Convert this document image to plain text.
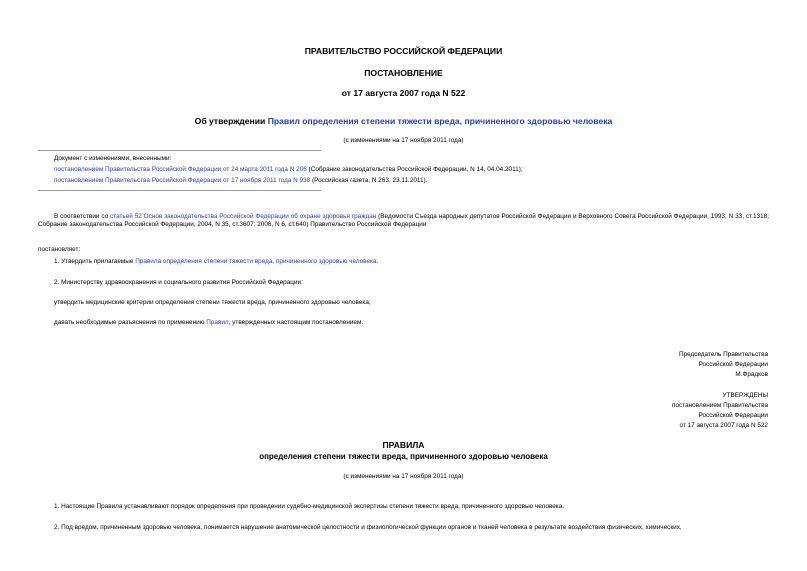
ПРАВИТЕЛЬСТВО РОССИЙСКОЙ ФЕДЕРАЦИИ
ПОСТАНОВЛЕНИЕ
от 17 августа 2007 года N 522
Об утверждении Правил определения степени тяжести вреда, причиненного здоровью человека
(с изменениями на 17 ноября 2011 года)
Документ с изменениями, внесенными:
постановлением Правительства Российской Федерации от 24 марта 2011 года N 206 (Собрание законодательства Российской Федерации, N 14, 04.04.2011);
постановлением Правительства Российской Федерации от 17 ноября 2011 года N 938 (Российская газета, N 263, 23.11.2011).
В соответствии со статьей 52 Основ законодательства Российской Федерации об охране здоровья граждан (Ведомости Съезда народных депутатов Российской Федерации и Верховного Совета Российской Федерации, 1993, N 33, ст.1318; Собрание законодательства Российской Федерации, 2004, N 35, ст.3607; 2006, N 6, ст.640) Правительство Российской Федерации
постановляет:
1. Утвердить прилагаемые Правила определения степени тяжести вреда, причиненного здоровью человека.
2. Министерству здравоохранения и социального развития Российской Федерации:
утвердить медицинские критерии определения степени тяжести вреда, причиненного здоровью человека;
давать необходимые разъяснения по применению Правил, утвержденных настоящим постановлением.
Председатель Правительства
Российской Федерации
М.Фрадков
УТВЕРЖДЕНЫ
постановлением Правительства
Российской Федерации
от 17 августа 2007 года N 522
ПРАВИЛА
определения степени тяжести вреда, причиненного здоровью человека
(с изменениями на 17 ноября 2011 года)
1. Настоящие Правила устанавливают порядок определения при проведении судебно-медицинской экспертизы степени тяжести вреда, причиненного здоровью человека.
2. Под вредом, причиненным здоровью человека, понимается нарушение анатомической целостности и физиологической функции органов и тканей человека в результате воздействия физических, химических,
